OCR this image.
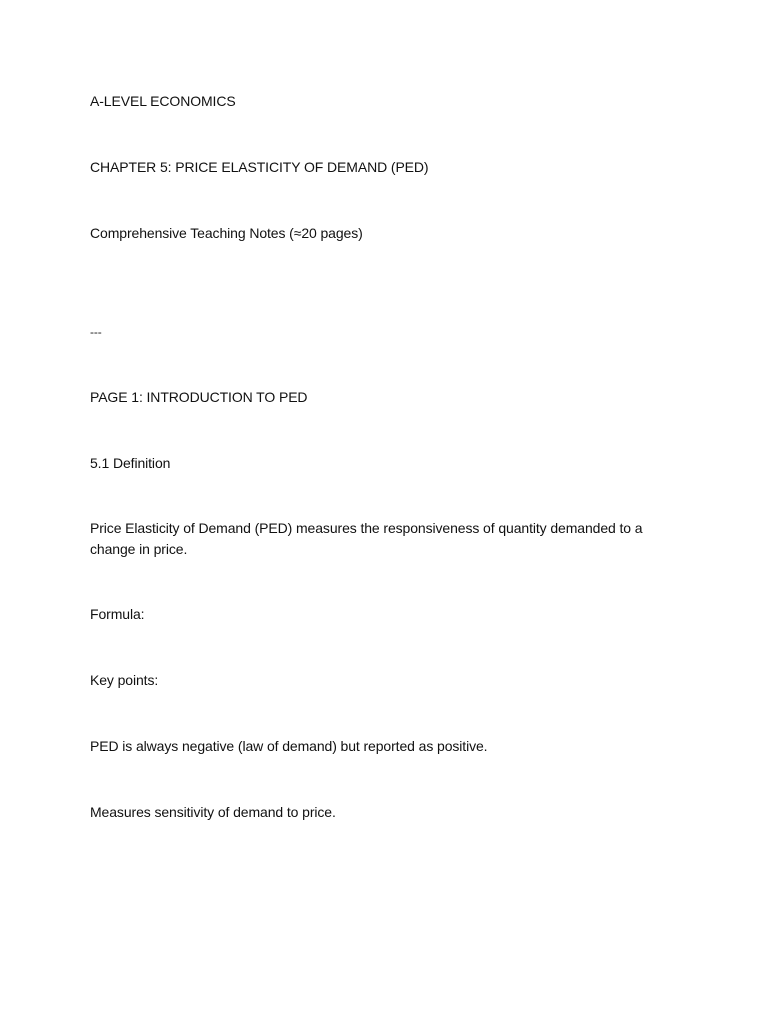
A-LEVEL ECONOMICS
CHAPTER 5: PRICE ELASTICITY OF DEMAND (PED)
Comprehensive Teaching Notes (≈20 pages)
---
PAGE 1: INTRODUCTION TO PED
5.1 Definition
Price Elasticity of Demand (PED) measures the responsiveness of quantity demanded to a change in price.
Formula:
Key points:
PED is always negative (law of demand) but reported as positive.
Measures sensitivity of demand to price.
